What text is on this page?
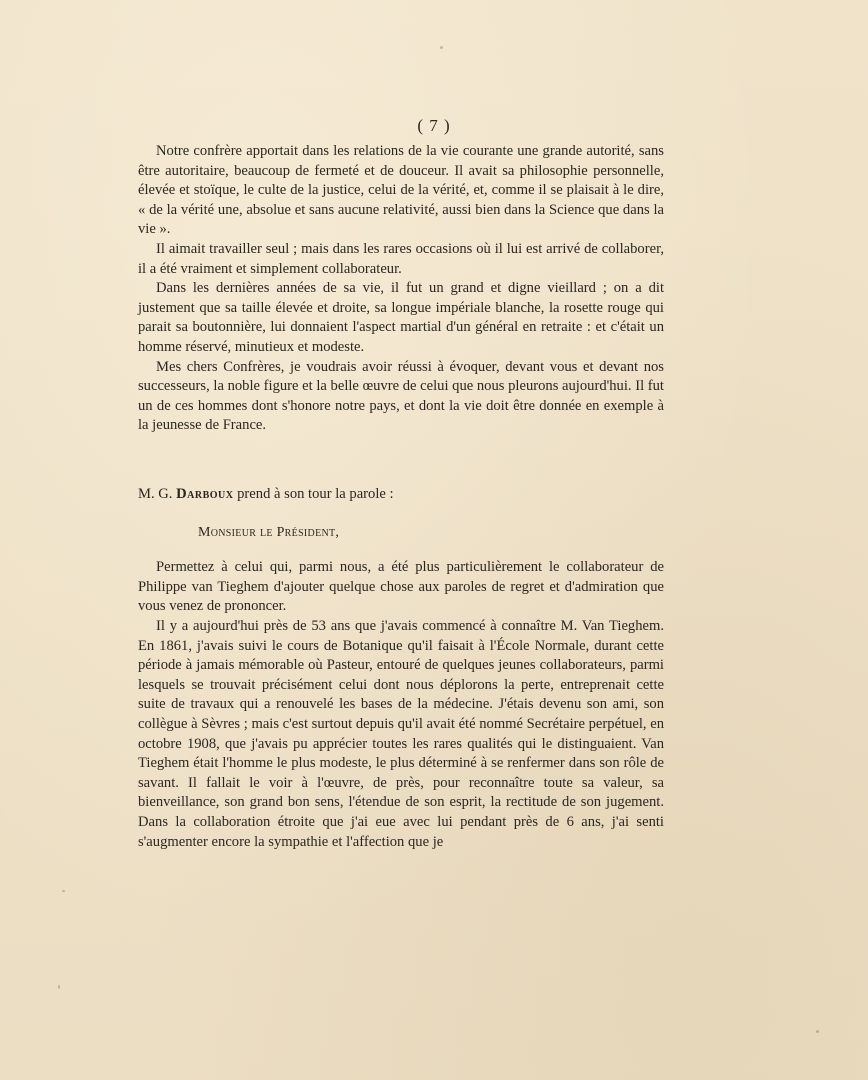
( 7 )

Notre confrère apportait dans les relations de la vie courante une grande autorité, sans être autoritaire, beaucoup de fermeté et de douceur. Il avait sa philosophie personnelle, élevée et stoïque, le culte de la justice, celui de la vérité, et, comme il se plaisait à le dire, « de la vérité une, absolue et sans aucune relativité, aussi bien dans la Science que dans la vie ».

Il aimait travailler seul ; mais dans les rares occasions où il lui est arrivé de collaborer, il a été vraiment et simplement collaborateur.

Dans les dernières années de sa vie, il fut un grand et digne vieillard ; on a dit justement que sa taille élevée et droite, sa longue impériale blanche, la rosette rouge qui parait sa boutonnière, lui donnaient l'aspect martial d'un général en retraite : et c'était un homme réservé, minutieux et modeste.

Mes chers Confrères, je voudrais avoir réussi à évoquer, devant vous et devant nos successeurs, la noble figure et la belle œuvre de celui que nous pleurons aujourd'hui. Il fut un de ces hommes dont s'honore notre pays, et dont la vie doit être donnée en exemple à la jeunesse de France.

M. G. Darboux prend à son tour la parole :

Monsieur le Président,

Permettez à celui qui, parmi nous, a été plus particulièrement le collaborateur de Philippe van Tieghem d'ajouter quelque chose aux paroles de regret et d'admiration que vous venez de prononcer.

Il y a aujourd'hui près de 53 ans que j'avais commencé à connaître M. Van Tieghem. En 1861, j'avais suivi le cours de Botanique qu'il faisait à l'École Normale, durant cette période à jamais mémorable où Pasteur, entouré de quelques jeunes collaborateurs, parmi lesquels se trouvait précisément celui dont nous déplorons la perte, entreprenait cette suite de travaux qui a renouvelé les bases de la médecine. J'étais devenu son ami, son collègue à Sèvres ; mais c'est surtout depuis qu'il avait été nommé Secrétaire perpétuel, en octobre 1908, que j'avais pu apprécier toutes les rares qualités qui le distinguaient. Van Tieghem était l'homme le plus modeste, le plus déterminé à se renfermer dans son rôle de savant. Il fallait le voir à l'œuvre, de près, pour reconnaître toute sa valeur, sa bienveillance, son grand bon sens, l'étendue de son esprit, la rectitude de son jugement. Dans la collaboration étroite que j'ai eue avec lui pendant près de 6 ans, j'ai senti s'augmenter encore la sympathie et l'affection que je
